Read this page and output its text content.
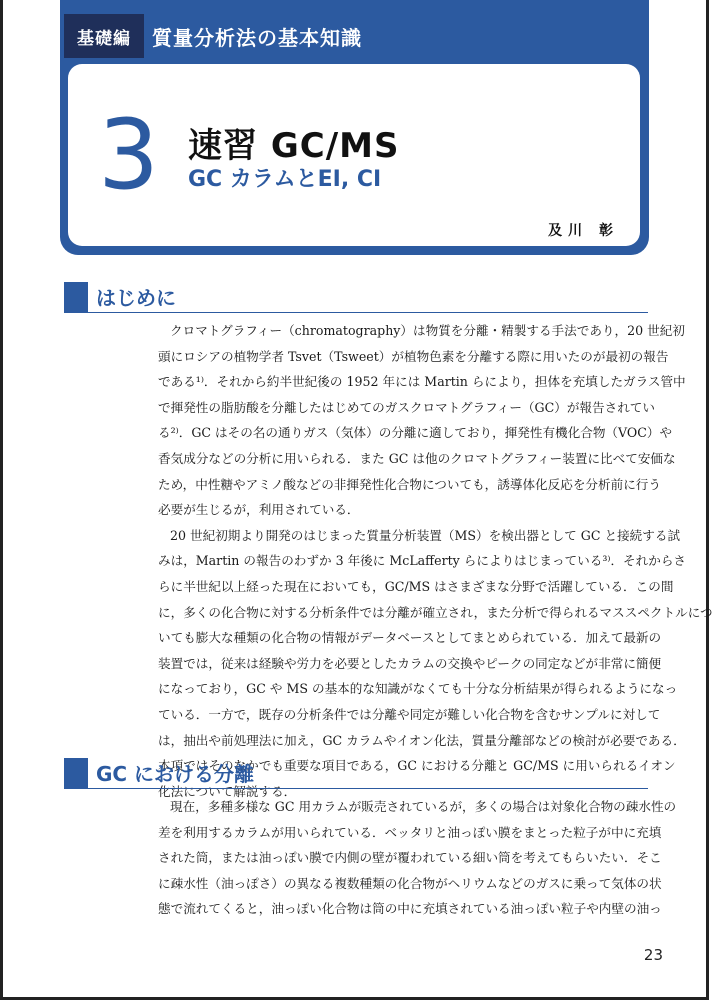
基礎編	質量分析法の基本知識
3 速習 GC/MS
GC カラムとEI, CI
及川 彰
はじめに
クロマトグラフィー（chromatography）は物質を分離・精製する手法であり，20 世紀初
頭にロシアの植物学者 Tsvet（Tsweet）が植物色素を分離する際に用いたのが最初の報告
である¹⁾．それから約半世紀後の 1952 年には Martin らにより，担体を充填したガラス管中
で揮発性の脂肪酸を分離したはじめてのガスクロマトグラフィー（GC）が報告されてい
る²⁾．GC はその名の通りガス（気体）の分離に適しており，揮発性有機化合物（VOC）や
香気成分などの分析に用いられる．また GC は他のクロマトグラフィー装置に比べて安価な
ため，中性糖やアミノ酸などの非揮発性化合物についても，誘導体化反応を分析前に行う
必要が生じるが，利用されている．
20 世紀初期より開発のはじまった質量分析装置（MS）を検出器として GC と接続する試
みは，Martin の報告のわずか 3 年後に McLafferty らによりはじまっている³⁾．それからさ
らに半世紀以上経った現在においても，GC/MS はさまざまな分野で活躍している．この間
に，多くの化合物に対する分析条件では分離が確立され，また分析で得られるマススペクトルにつ
いても膨大な種類の化合物の情報がデータベースとしてまとめられている．加えて最新の
装置では，従来は経験や労力を必要としたカラムの交換やピークの同定などが非常に簡便
になっており，GC や MS の基本的な知識がなくても十分な分析結果が得られるようになっ
ている．一方で，既存の分析条件では分離や同定が難しい化合物を含むサンプルに対して
は，抽出や前処理法に加え，GC カラムやイオン化法，質量分離部などの検討が必要である．
本項ではそのなかでも重要な項目である，GC における分離と GC/MS に用いられるイオン
化法について解説する．
GC における分離
現在，多種多様な GC 用カラムが販売されているが，多くの場合は対象化合物の疎水性の
差を利用するカラムが用いられている．ベッタリと油っぽい膜をまとった粒子が中に充填
された筒，または油っぽい膜で内側の壁が覆われている細い筒を考えてもらいたい．そこ
に疎水性（油っぽさ）の異なる複数種類の化合物がヘリウムなどのガスに乗って気体の状
態で流れてくると，油っぽい化合物は筒の中に充填されている油っぽい粒子や内壁の油っ
23
